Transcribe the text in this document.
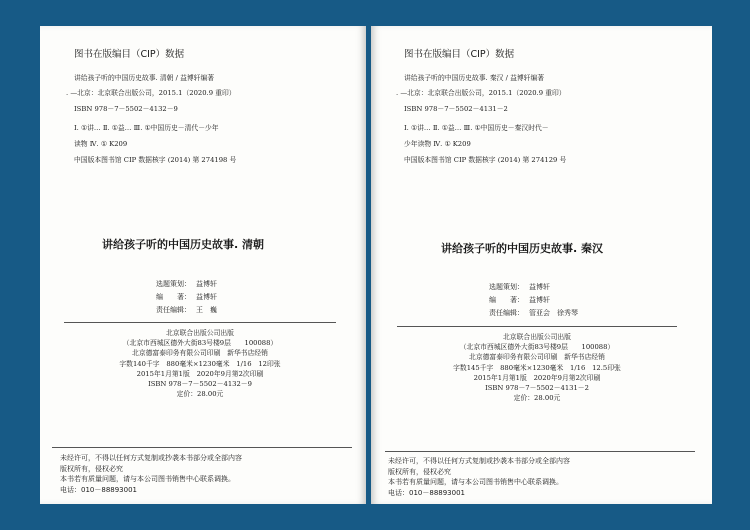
图书在版编目（CIP）数据
讲给孩子听的中国历史故事. 清朝 / 益博轩编著
. —北京：北京联合出版公司，2015.1（2020.9 重印）
ISBN 978－7－5502－4132－9
Ⅰ. ①讲… Ⅱ. ①益… Ⅲ. ①中国历史－清代－少年
读物 Ⅳ. ① K209
中国版本图书馆 CIP 数据核字 (2014) 第 274198 号
讲给孩子听的中国历史故事. 清朝
选题策划： 益博轩
编　　著： 益博轩
责任编辑： 王　巍
北京联合出版公司出版
（北京市西城区德外大街83号楼9层　　100088）
北京德富泰印务有限公司印刷　新华书店经销
字数140千字　880毫米×1230毫米　1/16　12印张
2015年1月第1版　2020年9月第2次印刷
ISBN 978－7－5502－4132－9
定价：28.00元
未经许可，不得以任何方式复制或抄袭本书部分或全部内容
版权所有，侵权必究
本书若有质量问题，请与本公司图书销售中心联系调换。
电话：010－88893001
图书在版编目（CIP）数据
讲给孩子听的中国历史故事. 秦汉 / 益博轩编著
. —北京：北京联合出版公司，2015.1（2020.9 重印）
ISBN 978－7－5502－4131－2
Ⅰ. ①讲… Ⅱ. ①益… Ⅲ. ①中国历史－秦汉时代－
少年读物 Ⅳ. ① K209
中国版本图书馆 CIP 数据核字 (2014) 第 274129 号
讲给孩子听的中国历史故事. 秦汉
选题策划： 益博轩
编　　著： 益博轩
责任编辑： 管亚会　徐秀琴
北京联合出版公司出版
（北京市西城区德外大街83号楼9层　　100088）
北京德富泰印务有限公司印刷　新华书店经销
字数145千字　880毫米×1230毫米　1/16　12.5印张
2015年1月第1版　2020年9月第2次印刷
ISBN 978－7－5502－4131－2
定价：28.00元
未经许可，不得以任何方式复制或抄袭本书部分或全部内容
版权所有，侵权必究
本书若有质量问题，请与本公司图书销售中心联系调换。
电话：010－88893001
